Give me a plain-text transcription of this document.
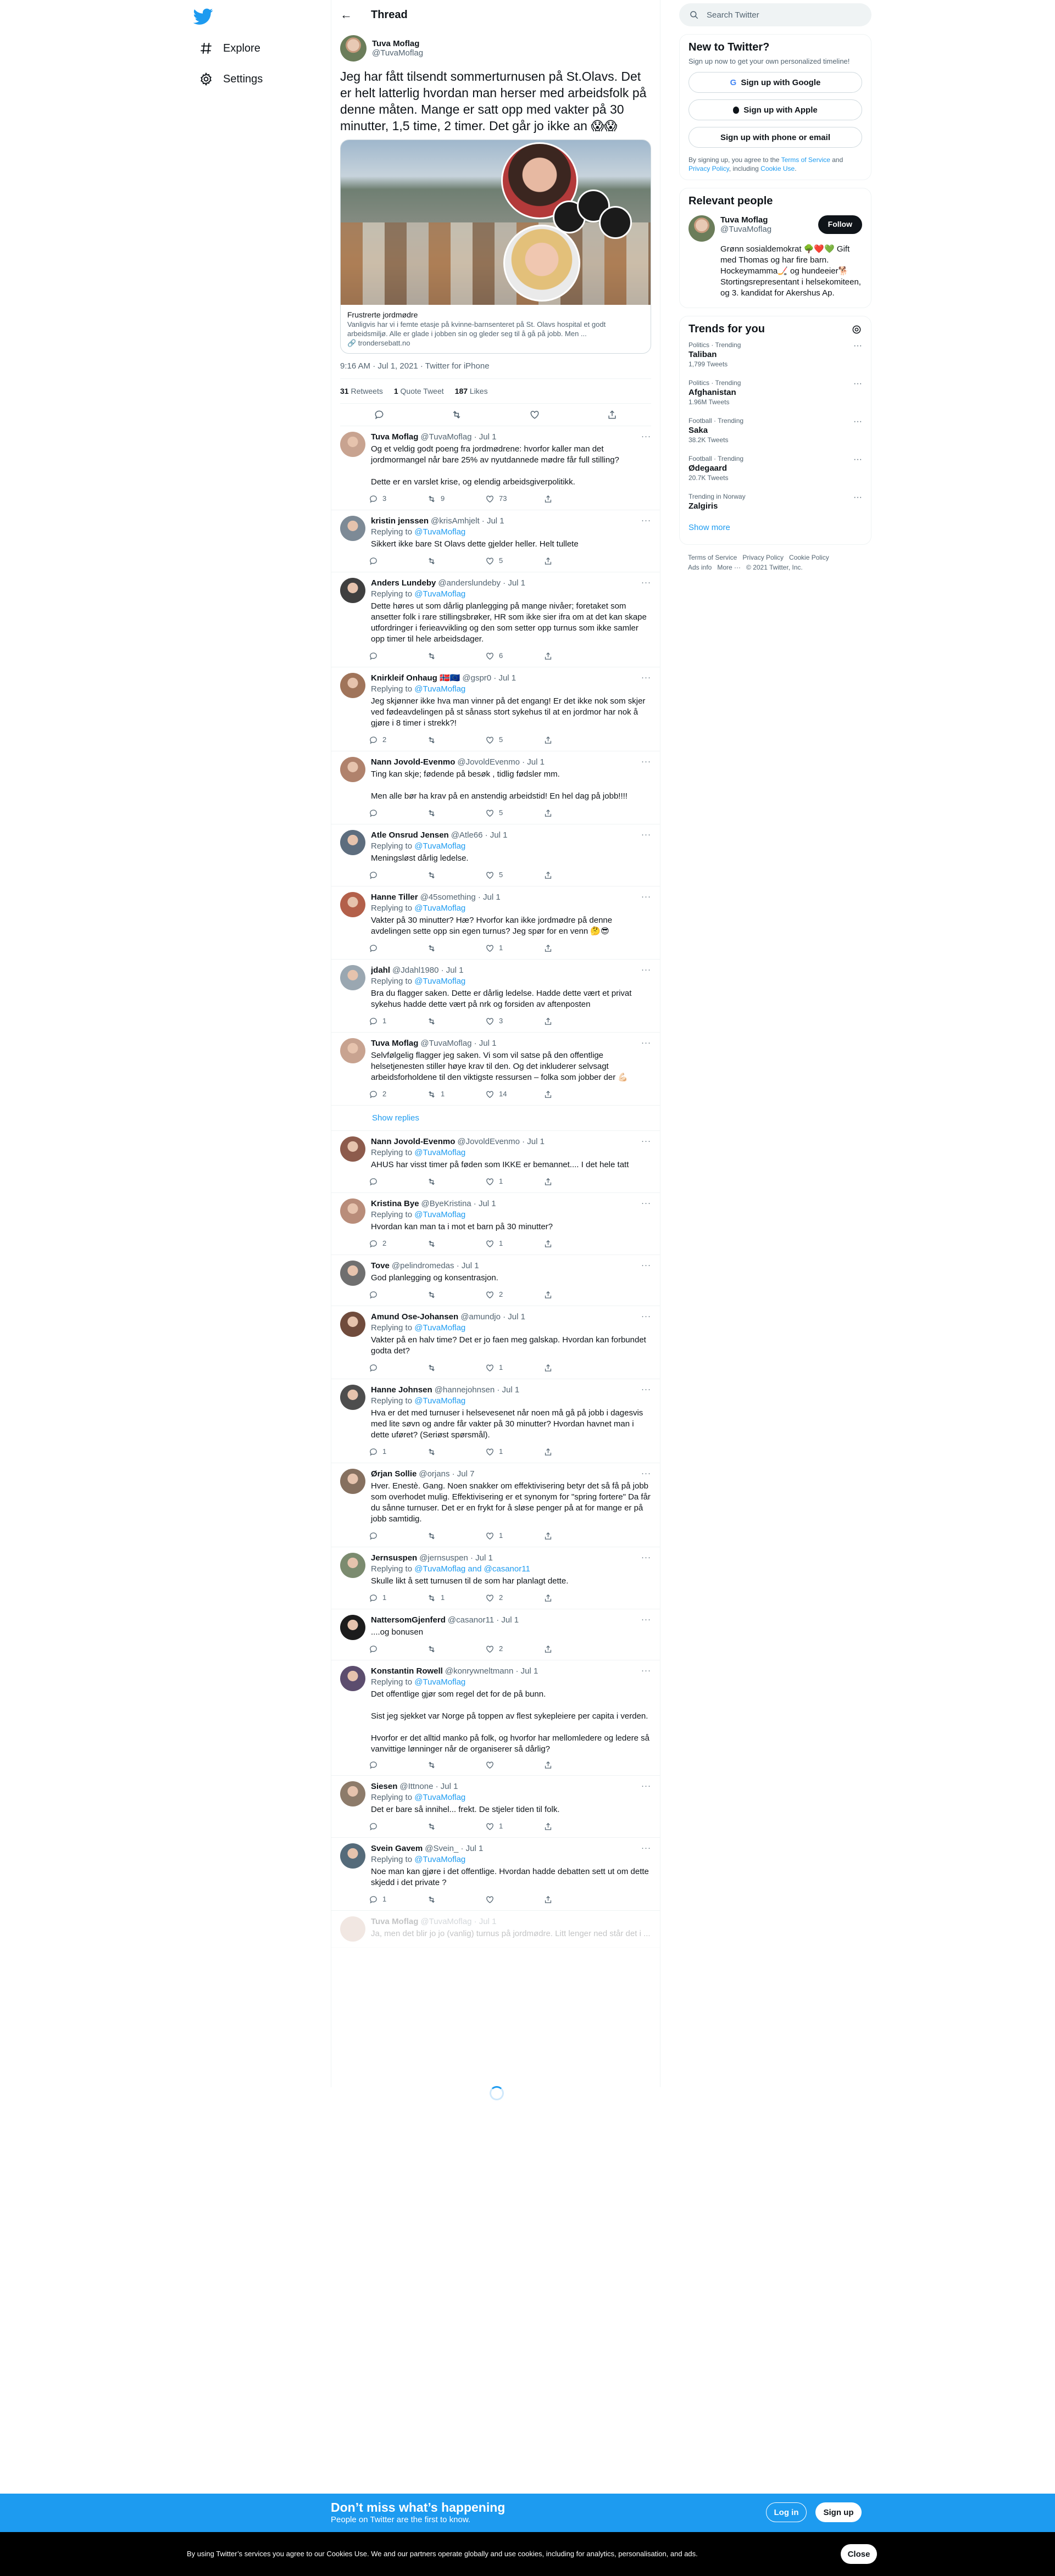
Explore
Settings
← Thread
Tuva Moflag
@TuvaMoflag
Jeg har fått tilsendt sommerturnusen på St.Olavs. Det er helt latterlig hvordan man herser med arbeidsfolk på denne måten. Mange er satt opp med vakter på 30 minutter, 1,5 time, 2 timer. Det går jo ikke an 😱😱
Frustrerte jordmødre
Vanligvis har vi i femte etasje på kvinne-barnsenteret på St. Olavs hospital et godt arbeidsmiljø. Alle er glade i jobben sin og gleder seg til å gå på jobb. Men ...
🔗 trondersebatt.no
9:16 AM · Jul 1, 2021 · Twitter for iPhone
31 Retweets 1 Quote Tweet 187 Likes
Tuva Moflag @TuvaMoflag · Jul 1
Og et veldig godt poeng fra jordmødrene: hvorfor kaller man det jordmormangel når bare 25% av nyutdannede mødre får full stilling?

Dette er en varslet krise, og elendig arbeidsgiverpolitikk.
3	9	73
···
kristin jenssen @krisAmhjelt · Jul 1
Replying to @TuvaMoflag
Sikkert ikke bare St Olavs dette gjelder heller. Helt tullete
5
···
Anders Lundeby @anderslundeby · Jul 1
Replying to @TuvaMoflag
Dette høres ut som dårlig planlegging på mange nivåer; foretaket som ansetter folk i rare stillingsbrøker, HR som ikke sier ifra om at det kan skape utfordringer i ferieavvikling og den som setter opp turnus som ikke samler opp timer til hele arbeidsdager.
6
···
Knirkleif Onhaug 🇳🇴🇪🇺 @gspr0 · Jul 1
Replying to @TuvaMoflag
Jeg skjønner ikke hva man vinner på det engang! Er det ikke nok som skjer ved fødeavdelingen på st sånass stort sykehus til at en jordmor har nok å gjøre i 8 timer i strekk?!
2	5
···
Nann Jovold-Evenmo @JovoldEvenmo · Jul 1
Ting kan skje; fødende på besøk , tidlig fødsler mm.

Men alle bør ha krav på en anstendig arbeidstid! En hel dag på jobb!!!!
5
···
Atle Onsrud Jensen @Atle66 · Jul 1
Replying to @TuvaMoflag
Meningsløst dårlig ledelse.
5
···
Hanne Tiller @45something · Jul 1
Replying to @TuvaMoflag
Vakter på 30 minutter? Hæ? Hvorfor kan ikke jordmødre på denne avdelingen sette opp sin egen turnus? Jeg spør for en venn 🤔😎
1
···
jdahl @Jdahl1980 · Jul 1
Replying to @TuvaMoflag
Bra du flagger saken. Dette er dårlig ledelse. Hadde dette vært et privat sykehus hadde dette vært på nrk og forsiden av aftenposten
1	3
···
Tuva Moflag @TuvaMoflag · Jul 1
Selvfølgelig flagger jeg saken. Vi som vil satse på den offentlige helsetjenesten stiller høye krav til den. Og det inkluderer selvsagt arbeidsforholdene til den viktigste ressursen – folka som jobber der 💪🏻
2	1	14
···
Show replies
Nann Jovold-Evenmo @JovoldEvenmo · Jul 1
Replying to @TuvaMoflag
AHUS har visst timer på føden som IKKE er bemannet.... I det hele tatt
1
···
Kristina Bye @ByeKristina · Jul 1
Replying to @TuvaMoflag
Hvordan kan man ta i mot et barn på 30 minutter?
2	1
···
Tove @pelindromedas · Jul 1
God planlegging og konsentrasjon.
2
···
Amund Ose-Johansen @amundjo · Jul 1
Replying to @TuvaMoflag
Vakter på en halv time? Det er jo faen meg galskap. Hvordan kan forbundet godta det?
1
···
Hanne Johnsen @hannejohnsen · Jul 1
Replying to @TuvaMoflag
Hva er det med turnuser i helsevesenet når noen må gå på jobb i dagesvis med lite søvn og andre får vakter på 30 minutter? Hvordan havnet man i dette uføret? (Seriøst spørsmål).
1	1
···
Ørjan Sollie @orjans · Jul 7
Hver. Enestè. Gang. Noen snakker om effektivisering betyr det så få på jobb som overhodet mulig. Effektivisering er et synonym for "spring fortere" Da får du sånne turnuser. Det er en frykt for å sløse penger på at for mange er på jobb samtidig.
1
···
Jernsuspen @jernsuspen · Jul 1
Replying to @TuvaMoflag and @casanor11
Skulle likt å sett turnusen til de som har planlagt dette.
1	1	2
···
NattersomGjenferd @casanor11 · Jul 1
....og bonusen
2
···
Konstantin Rowell @konrywneltmann · Jul 1
Replying to @TuvaMoflag
Det offentlige gjør som regel det for de på bunn.

Sist jeg sjekket var Norge på toppen av flest sykepleiere per capita i verden.

Hvorfor er det alltid manko på folk, og hvorfor har mellomledere og ledere så vanvittige lønninger når de organiserer så dårlig?
···
Siesen @Ittnone · Jul 1
Replying to @TuvaMoflag
Det er bare så innihel... frekt. De stjeler tiden til folk.
1
···
Svein Gavem @Svein_ · Jul 1
Replying to @TuvaMoflag
Noe man kan gjøre i det offentlige. Hvordan hadde debatten sett ut om dette skjedd i det private ?
1
···
Tuva Moflag @TuvaMoflag · Jul 1
Ja, men det blir jo jo (vanlig) turnus på jordmødre. Litt lenger ned står det i ...
Search Twitter
New to Twitter?
Sign up now to get your own personalized timeline!
G Sign up with Google
Sign up with Apple
Sign up with phone or email
By signing up, you agree to the Terms of Service and Privacy Policy, including Cookie Use.
Relevant people
Tuva Moflag
@TuvaMoflag
Follow
Grønn sosialdemokrat 🌳❤️💚 Gift med Thomas og har fire barn. Hockeymamma🏒 og hundeeier🐕 Stortingsrepresentant i helsekomiteen, og 3. kandidat for Akershus Ap.
Trends for you
Politics · Trending
Taliban
1,799 Tweets
···
Politics · Trending
Afghanistan
1.96M Tweets
···
Football · Trending
Saka
38.2K Tweets
···
Football · Trending
Ødegaard
20.7K Tweets
···
Trending in Norway
Zalgiris
···
Show more
Terms of Service   Privacy Policy   Cookie Policy
Ads info   More ···   © 2021 Twitter, Inc.
Don’t miss what’s happening
People on Twitter are the first to know.
Log in	Sign up
By using Twitter’s services you agree to our Cookies Use. We and our partners operate globally and use cookies, including for analytics, personalisation, and ads.	Close
